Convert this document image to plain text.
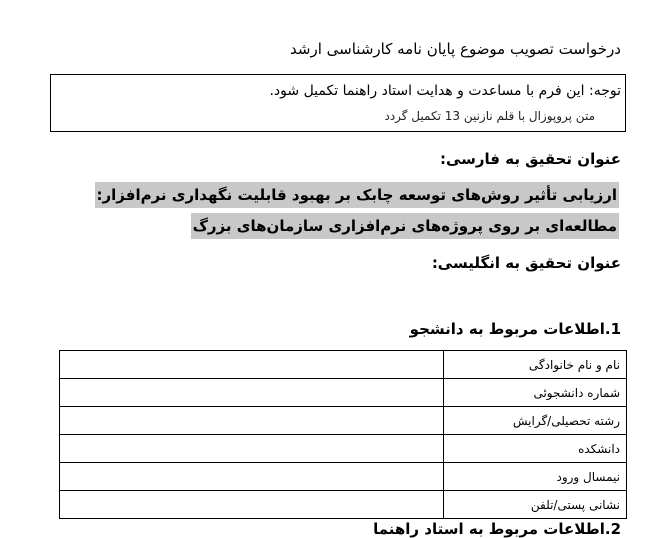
درخواست تصویب موضوع پایان نامه کارشناسی ارشد
توجه: این فرم با مساعدت و هدایت استاد راهنما تکمیل شود.
متن پروپوزال با قلم نازنین 13 تکمیل گردد
عنوان تحقیق به فارسی:
ارزیابی تأثیر روش‌های توسعه چابک بر بهبود قابلیت نگهداری نرم‌افزار: مطالعه‌ای بر روی پروژه‌های نرم‌افزاری سازمان‌های بزرگ
عنوان تحقیق به انگلیسی:
1.اطلاعات مربوط به دانشجو
	نام و نام خانوادگی
	شماره دانشجوئی
	رشته تحصیلی/گرایش
	دانشکده
	نیمسال ورود
	نشانی پستی/تلفن
2.اطلاعات مربوط به استاد راهنما
